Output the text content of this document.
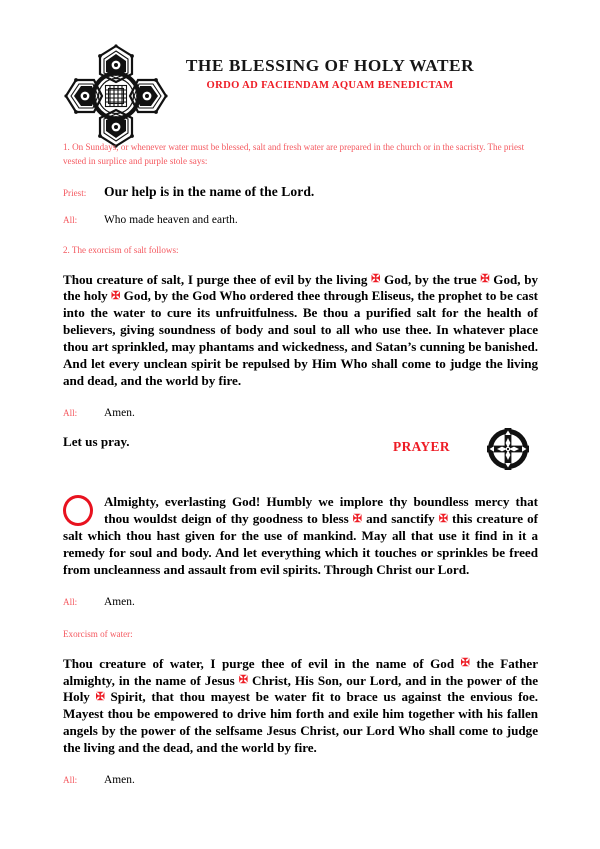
THE BLESSING OF HOLY WATER
ORDO AD FACIENDAM AQUAM BENEDICTAM

1. On Sundays, or whenever water must be blessed, salt and fresh water are prepared in the church or in the sacristy. The priest vested in surplice and purple stole says:

Priest:	Our help is in the name of the Lord.
All:	Who made heaven and earth.

2. The exorcism of salt follows:

Thou creature of salt, I purge thee of evil by the living ✠ God, by the true ✠ God, by the holy ✠ God, by the God Who ordered thee through Eliseus, the prophet to be cast into the water to cure its unfruitfulness. Be thou a purified salt for the health of believers, giving soundness of body and soul to all who use thee. In whatever place thou art sprinkled, may phantams and wickedness, and Satan’s cunning be banished. And let every unclean spirit be repulsed by Him Who shall come to judge the living and dead, and the world by fire.

All:	Amen.
Let us pray.	PRAYER

Almighty, everlasting God! Humbly we implore thy boundless mercy that thou wouldst deign of thy goodness to bless ✠ and sanctify ✠ this creature of salt which thou hast given for the use of mankind. May all that use it find in it a remedy for soul and body. And let everything which it touches or sprinkles be freed from uncleanness and assault from evil spirits. Through Christ our Lord.

All:	Amen.

Exorcism of water:

Thou creature of water, I purge thee of evil in the name of God ✠ the Father almighty, in the name of Jesus ✠ Christ, His Son, our Lord, and in the power of the Holy ✠ Spirit, that thou mayest be water fit to brace us against the envious foe. Mayest thou be empowered to drive him forth and exile him together with his fallen angels by the power of the selfsame Jesus Christ, our Lord Who shall come to judge the living and the dead, and the world by fire.

All:	Amen.
